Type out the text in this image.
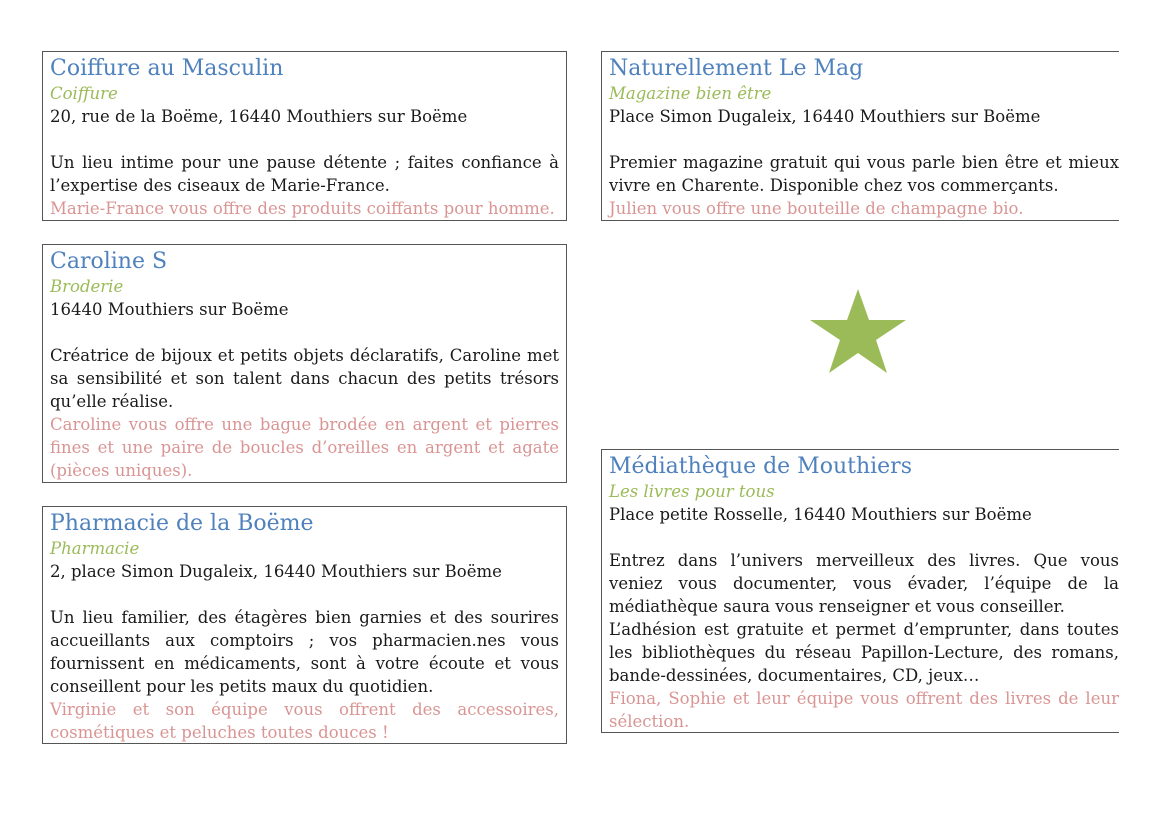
Coiffure au Masculin
Coiffure
20, rue de la Boëme, 16440 Mouthiers sur Boëme

Un lieu intime pour une pause détente ; faites confiance à l’expertise des ciseaux de Marie-France.

Marie-France vous offre des produits coiffants pour homme.
Naturellement Le Mag
Magazine bien être
Place Simon Dugaleix, 16440 Mouthiers sur Boëme

Premier magazine gratuit qui vous parle bien être et mieux vivre en Charente. Disponible chez vos commerçants.

Julien vous offre une bouteille de champagne bio.
Caroline S
Broderie
16440 Mouthiers sur Boëme

Créatrice de bijoux et petits objets déclaratifs, Caroline met sa sensibilité et son talent dans chacun des petits trésors qu’elle réalise.

Caroline vous offre une bague brodée en argent et pierres fines et une paire de boucles d’oreilles en argent et agate (pièces uniques).
Pharmacie de la Boëme
Pharmacie
2, place Simon Dugaleix, 16440 Mouthiers sur Boëme

Un lieu familier, des étagères bien garnies et des sourires accueillants aux comptoirs ; vos pharmacien.nes vous fournissent en médicaments, sont à votre écoute et vous conseillent pour les petits maux du quotidien.

Virginie et son équipe vous offrent des accessoires, cosmétiques et peluches toutes douces !
Médiathèque de Mouthiers
Les livres pour tous
Place petite Rosselle, 16440 Mouthiers sur Boëme

Entrez dans l’univers merveilleux des livres. Que vous veniez vous documenter, vous évader, l’équipe de la médiathèque saura vous renseigner et vous conseiller.

L’adhésion est gratuite et permet d’emprunter, dans toutes les bibliothèques du réseau Papillon-Lecture, des romans, bande-dessinées, documentaires, CD, jeux…

Fiona, Sophie et leur équipe vous offrent des livres de leur sélection.
